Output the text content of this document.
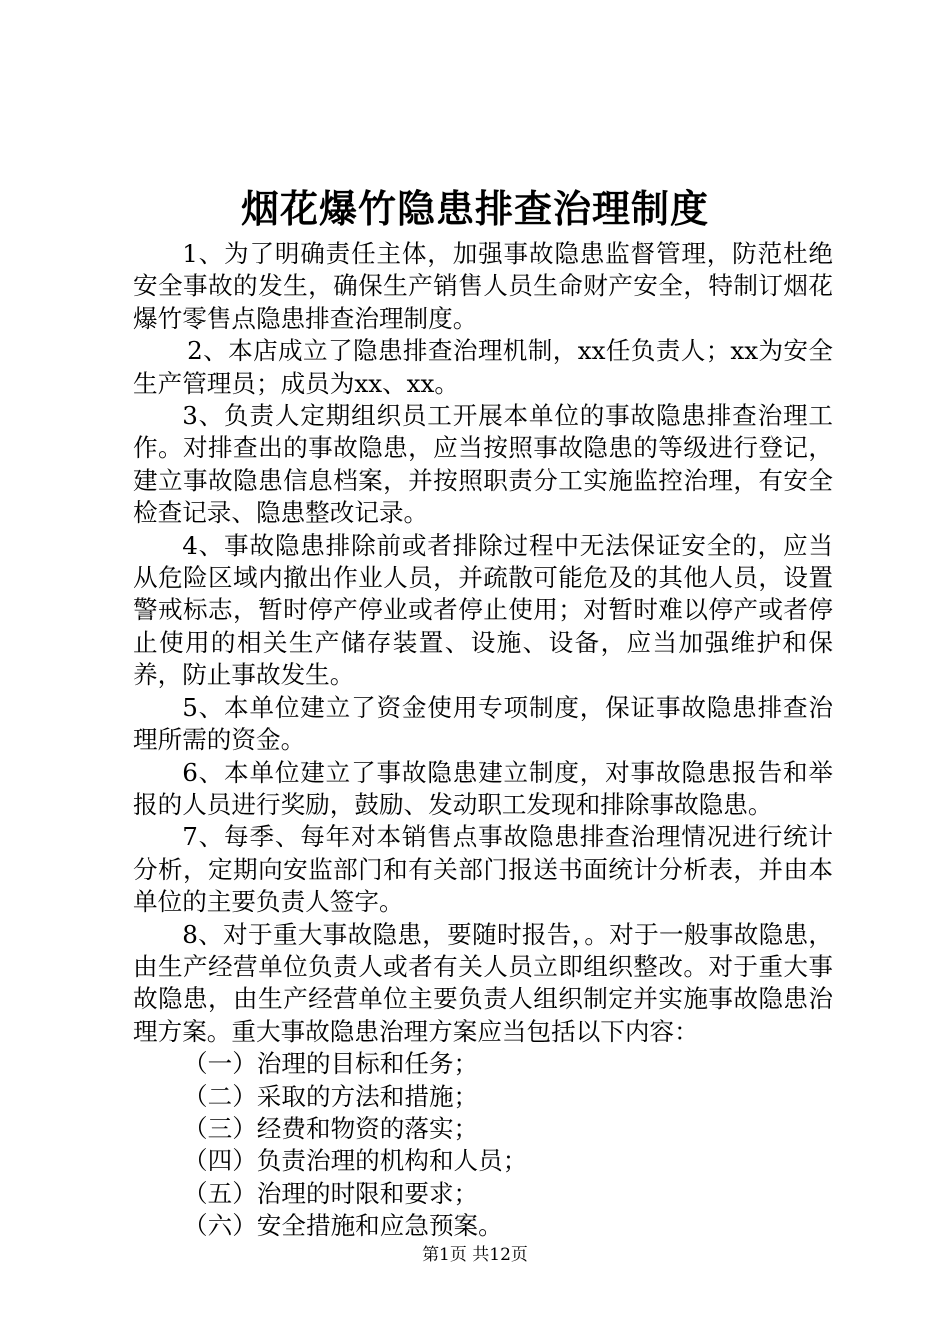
烟花爆竹隐患排查治理制度

1、为了明确责任主体，加强事故隐患监督管理，防范杜绝安全事故的发生，确保生产销售人员生命财产安全，特制订烟花爆竹零售点隐患排查治理制度。

2、本店成立了隐患排查治理机制，xx任负责人；xx为安全生产管理员；成员为xx、xx。

3、负责人定期组织员工开展本单位的事故隐患排查治理工作。对排查出的事故隐患，应当按照事故隐患的等级进行登记，建立事故隐患信息档案，并按照职责分工实施监控治理，有安全检查记录、隐患整改记录。

4、事故隐患排除前或者排除过程中无法保证安全的，应当从危险区域内撤出作业人员，并疏散可能危及的其他人员，设置警戒标志，暂时停产停业或者停止使用；对暂时难以停产或者停止使用的相关生产储存装置、设施、设备，应当加强维护和保养，防止事故发生。

5、本单位建立了资金使用专项制度，保证事故隐患排查治理所需的资金。

6、本单位建立了事故隐患建立制度，对事故隐患报告和举报的人员进行奖励，鼓励、发动职工发现和排除事故隐患。

7、每季、每年对本销售点事故隐患排查治理情况进行统计分析，定期向安监部门和有关部门报送书面统计分析表，并由本单位的主要负责人签字。

8、对于重大事故隐患，要随时报告，。对于一般事故隐患，由生产经营单位负责人或者有关人员立即组织整改。对于重大事故隐患，由生产经营单位主要负责人组织制定并实施事故隐患治理方案。重大事故隐患治理方案应当包括以下内容：

（一）治理的目标和任务；

（二）采取的方法和措施；

（三）经费和物资的落实；

（四）负责治理的机构和人员；

（五）治理的时限和要求；

（六）安全措施和应急预案。

第1页 共12页
